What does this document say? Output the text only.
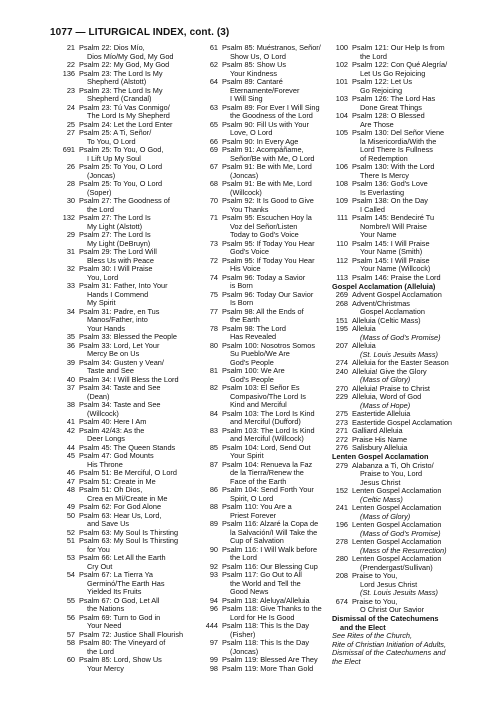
1077 — LITURGICAL INDEX, cont. (3)
21 Psalm 22: Dios Mío,
Dios Mío/My God, My God
22 Psalm 22: My God, My God
136 Psalm 23: The Lord Is My
Shepherd (Alstott)
23 Psalm 23: The Lord Is My
Shepherd (Crandal)
24 Psalm 23: Tú Vas Conmigo/
The Lord Is My Shepherd
25 Psalm 24: Let the Lord Enter
27 Psalm 25: A Ti, Señor/
To You, O Lord
691 Psalm 25: To You, O God,
I Lift Up My Soul
26 Psalm 25: To You, O Lord
(Joncas)
28 Psalm 25: To You, O Lord
(Soper)
30 Psalm 27: The Goodness of
the Lord
132 Psalm 27: The Lord Is
My Light (Alstott)
29 Psalm 27: The Lord Is
My Light (DeBruyn)
31 Psalm 29: The Lord Will
Bless Us with Peace
32 Psalm 30: I Will Praise
You, Lord
33 Psalm 31: Father, Into Your
Hands I Commend
My Spirit
34 Psalm 31: Padre, en Tus
Manos/Father, into
Your Hands
35 Psalm 33: Blessed the People
36 Psalm 33: Lord, Let Your
Mercy Be on Us
39 Psalm 34: Gusten y Vean/
Taste and See
40 Psalm 34: I Will Bless the Lord
37 Psalm 34: Taste and See
(Dean)
38 Psalm 34: Taste and See
(Willcock)
41 Psalm 40: Here I Am
42 Psalm 42/43: As the
Deer Longs
44 Psalm 45: The Queen Stands
45 Psalm 47: God Mounts
His Throne
46 Psalm 51: Be Merciful, O Lord
47 Psalm 51: Create in Me
48 Psalm 51: Oh Dios,
Crea en Mí/Create in Me
49 Psalm 62: For God Alone
50 Psalm 63: Hear Us, Lord,
and Save Us
52 Psalm 63: My Soul Is Thirsting
51 Psalm 63: My Soul Is Thirsting
for You
53 Psalm 66: Let All the Earth
Cry Out
54 Psalm 67: La Tierra Ya
Germinó/The Earth Has
Yielded Its Fruits
55 Psalm 67: O God, Let All
the Nations
56 Psalm 69: Turn to God in
Your Need
57 Psalm 72: Justice Shall Flourish
58 Psalm 80: The Vineyard of
the Lord
60 Psalm 85: Lord, Show Us
Your Mercy
61 Psalm 85: Muéstranos, Señor/
Show Us, O Lord
62 Psalm 85: Show Us
Your Kindness
64 Psalm 89: Cantaré
Eternamente/Forever
I Will Sing
63 Psalm 89: For Ever I Will Sing
the Goodness of the Lord
65 Psalm 90: Fill Us with Your
Love, O Lord
66 Psalm 90: In Every Age
69 Psalm 91: Acompáñame,
Señor/Be with Me, O Lord
67 Psalm 91: Be with Me, Lord
(Joncas)
68 Psalm 91: Be with Me, Lord
(Willcock)
70 Psalm 92: It Is Good to Give
You Thanks
71 Psalm 95: Escuchen Hoy la
Voz del Señor/Listen
Today to God's Voice
73 Psalm 95: If Today You Hear
God's Voice
72 Psalm 95: If Today You Hear
His Voice
74 Psalm 96: Today a Savior
is Born
75 Psalm 96: Today Our Savior
Is Born
77 Psalm 98: All the Ends of
the Earth
78 Psalm 98: The Lord
Has Revealed
80 Psalm 100: Nosotros Somos
Su Pueblo/We Are
God's People
81 Psalm 100: We Are
God's People
82 Psalm 103: El Señor Es
Compasivo/The Lord Is
Kind and Merciful
84 Psalm 103: The Lord Is Kind
and Merciful (Dufford)
83 Psalm 103: The Lord Is Kind
and Merciful (Willcock)
85 Psalm 104: Lord, Send Out
Your Spirit
87 Psalm 104: Renueva la Faz
de la Tierra/Renew the
Face of the Earth
86 Psalm 104: Send Forth Your
Spirit, O Lord
88 Psalm 110: You Are a
Priest Forever
89 Psalm 116: Alzaré la Copa de
la Salvación/I Will Take the
Cup of Salvation
90 Psalm 116: I Will Walk before
the Lord
92 Psalm 116: Our Blessing Cup
93 Psalm 117: Go Out to All
the World and Tell the
Good News
94 Psalm 118: Aleluya/Alleluia
96 Psalm 118: Give Thanks to the
Lord for He Is Good
444 Psalm 118: This Is the Day
(Fisher)
97 Psalm 118: This Is the Day
(Joncas)
99 Psalm 119: Blessed Are They
98 Psalm 119: More Than Gold
100 Psalm 121: Our Help Is from
the Lord
102 Psalm 122: Con Qué Alegría/
Let Us Go Rejoicing
101 Psalm 122: Let Us
Go Rejoicing
103 Psalm 126: The Lord Has
Done Great Things
104 Psalm 128: O Blessed
Are Those
105 Psalm 130: Del Señor Viene
la Misericordia/With the
Lord There Is Fullness
of Redemption
106 Psalm 130: With the Lord
There Is Mercy
108 Psalm 136: God's Love
Is Everlasting
109 Psalm 138: On the Day
I Called
111 Psalm 145: Bendeciré Tu
Nombre/I Will Praise
Your Name
110 Psalm 145: I Will Praise
Your Name (Smith)
112 Psalm 145: I Will Praise
Your Name (Willcock)
113 Psalm 146: Praise the Lord
Gospel Acclamation (Alleluia)
269 Advent Gospel Acclamation
268 Advent/Christmas
Gospel Acclamation
151 Alleluia (Celtic Mass)
195 Alleluia
(Mass of God's Promise)
207 Alleluia
(St. Louis Jesuits Mass)
274 Alleluia for the Easter Season
240 Alleluia! Give the Glory
(Mass of Glory)
270 Alleluia! Praise to Christ
229 Alleluia, Word of God
(Mass of Hope)
275 Eastertide Alleluia
273 Eastertide Gospel Acclamation
271 Galliard Alleluia
272 Praise His Name
276 Salisbury Alleluia
Lenten Gospel Acclamation
279 Alabanza a Ti, Oh Cristo/
Praise to You, Lord
Jesus Christ
152 Lenten Gospel Acclamation
(Celtic Mass)
241 Lenten Gospel Acclamation
(Mass of Glory)
196 Lenten Gospel Acclamation
(Mass of God's Promise)
278 Lenten Gospel Acclamation
(Mass of the Resurrection)
280 Lenten Gospel Acclamation
(Prendergast/Sullivan)
208 Praise to You,
Lord Jesus Christ
(St. Louis Jesuits Mass)
674 Praise to You,
O Christ Our Savior
Dismissal of the Catechumens
and the Elect
See Rites of the Church,
Rite of Christian Initiation of Adults,
Dismissal of the Catechumens and
the Elect
